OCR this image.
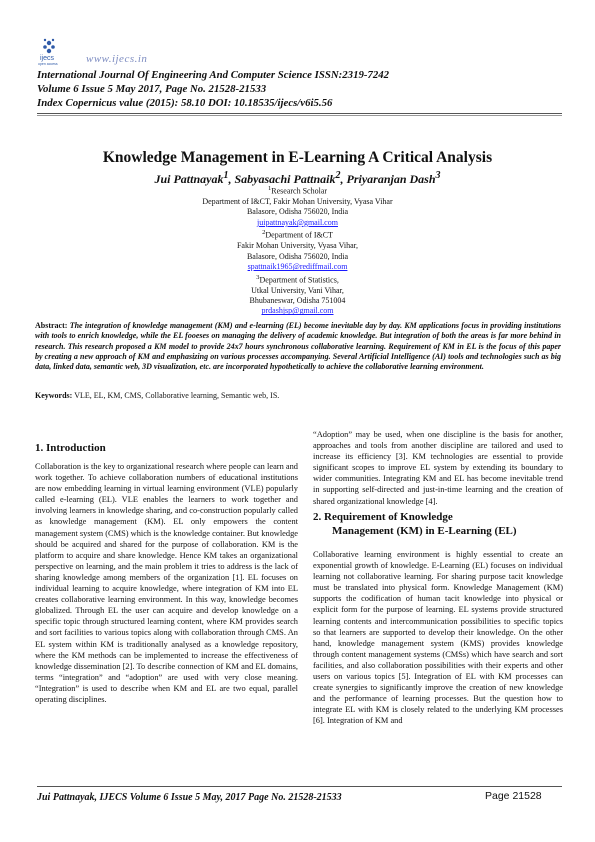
ijecs
open access	www.ijecs.in
International Journal Of Engineering And Computer Science ISSN:2319-7242
Volume 6 Issue 5 May 2017, Page No. 21528-21533
Index Copernicus value (2015): 58.10 DOI: 10.18535/ijecs/v6i5.56
Knowledge Management in E-Learning A Critical Analysis
Jui Pattnayak$^1$, Sabyasachi Pattnaik$^2$, Priyaranjan Dash$^3$
$^1$Research Scholar
Department of I&CT, Fakir Mohan University, Vyasa Vihar
Balasore, Odisha 756020, India
juipattnayak@gmail.com
$^2$Department of I&CT
Fakir Mohan University, Vyasa Vihar,
Balasore, Odisha 756020, India
spattnaik1965@rediffmail.com
$^3$Department of Statistics,
Utkal University, Vani Vihar,
Bhubaneswar, Odisha 751004
prdashjsp@gmail.com
Abstract: The integration of knowledge management (KM) and e-learning (EL) become inevitable day by day. KM applications focus in providing institutions with tools to enrich knowledge, while the EL fooeses on managing the delivery of academic knowledge. But integration of both the areas is far more behind in research. This research proposed a KM model to provide 24x7 hours synchronous collaborative learning. Requirement of KM in EL is the focus of this paper by creating a new approach of KM and emphasizing on various processes accompanying. Several Artificial Intelligence (AI) tools and technologies such as big data, linked data, semantic web, 3D visualization, etc. are incorporated hypothetically to achieve the collaborative learning environment.
Keywords: VLE, EL, KM, CMS, Collaborative learning, Semantic web, IS.
1. Introduction

Collaboration is the key to organizational research where people can learn and work together. To achieve collaboration numbers of educational institutions are now embedding learning in virtual learning environment (VLE) popularly called e-learning (EL). VLE enables the learners to work together and involving learners in knowledge sharing, and co-construction popularly called as knowledge management (KM). EL only empowers the content management system (CMS) which is the knowledge container. But knowledge should be acquired and shared for the purpose of collaboration. KM is the platform to acquire and share knowledge. Hence KM takes an organizational perspective on learning, and the main problem it tries to address is the lack of sharing knowledge among members of the organization [1]. EL focuses on individual learning to acquire knowledge, where integration of KM into EL creates collaborative learning environment. In this way, knowledge becomes globalized. Through EL the user can acquire and develop knowledge on a specific topic through structured learning content, where KM provides search and sort facilities to various topics along with collaboration through CMS. An EL system within KM is traditionally analysed as a knowledge repository, where the KM methods can be implemented to increase the effectiveness of knowledge dissemination [2]. To describe connection of KM and EL domains, terms “integration” and “adoption” are used with very close meaning. “Integration” is used to describe when KM and EL are two equal, parallel operating disciplines.

“Adoption” may be used, when one discipline is the basis for another, approaches and tools from another discipline are tailored and used to increase its efficiency [3]. KM technologies are essential to provide significant scopes to improve EL system by extending its boundary to wider communities. Integrating KM and EL has become inevitable trend in supporting self-directed and just-in-time learning and the creation of shared organizational knowledge [4].

2. Requirement of Knowledge

Management (KM) in E-Learning (EL)

Collaborative learning environment is highly essential to create an exponential growth of knowledge. E-Learning (EL) focuses on individual learning not collaborative learning. For sharing purpose tacit knowledge must be translated into physical form. Knowledge Management (KM) supports the codification of human tacit knowledge into physical or explicit form for the purpose of learning. EL systems provide structured learning contents and intercommunication possibilities to specific topics so that learners are supported to develop their knowledge. On the other hand, knowledge management system (KMS) provides knowledge through content management systems (CMSs) which have search and sort facilities, and also collaboration possibilities with their experts and other users on various topics [5]. Integration of EL with KM processes can create synergies to significantly improve the creation of new knowledge and the performance of learning processes. But the question how to integrate EL with KM is closely related to the underlying KM processes [6]. Integration of KM and

Jui Pattnayak, IJECS Volume 6 Issue 5 May, 2017 Page No. 21528-21533	Page 21528
